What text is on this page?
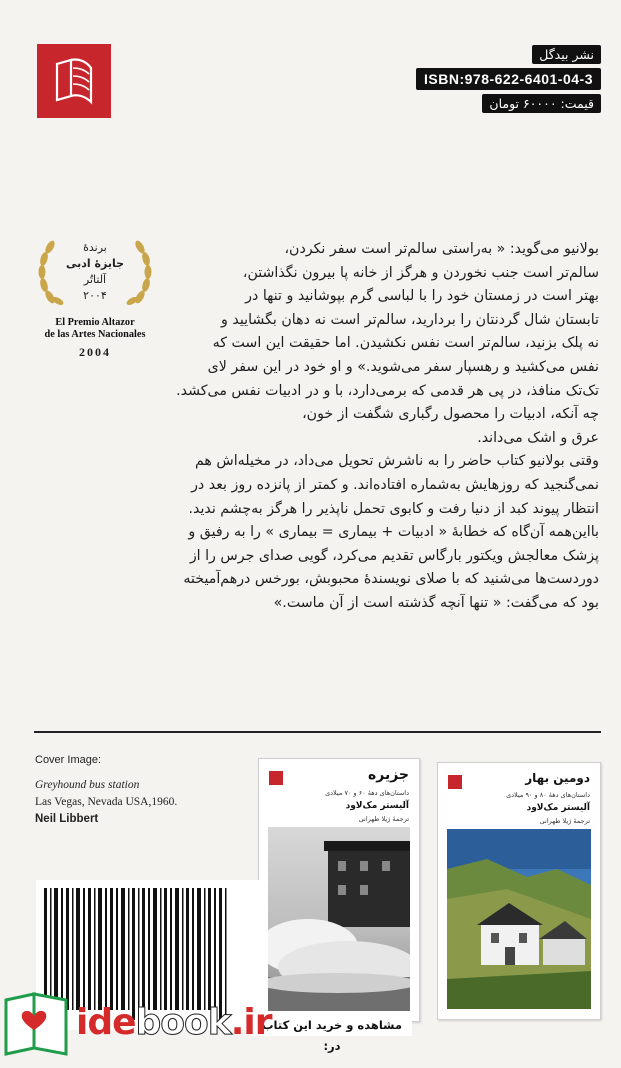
نشر بیدگل
ISBN:978-622-6401-04-3
قیمت: ۶۰۰۰۰ تومان
برندۀ
جایزۀ ادبی
آلتاتُر
۲۰۰۴
El Premio Altazor
de las Artes Nacionales
2004
بولانیو می‌گوید: « به‌راستی سالم‌تر است سفر نکردن،
سالم‌تر است جنب نخوردن و هرگز از خانه پا بیرون نگذاشتن،
بهتر است در زمستان خود را با لباسی گرم بپوشانید و تنها در
تابستان شال گردنتان را بردارید، سالم‌تر است نه دهان بگشایید و
نه پلک بزنید، سالم‌تر است نفس نکشیدن. اما حقیقت این است که
نفس می‌کشید و رهسپار سفر می‌شوید.» و او خود در این سفر لای
تک‌تک منافذ، در پی هر قدمی که برمی‌دارد، با و در ادبیات نفس می‌کشد.
چه آنکه، ادبیات را محصول رگباری شگفت از خون،
عرق و اشک می‌داند.
وقتی بولانیو کتاب حاضر را به ناشرش تحویل می‌داد، در مخیله‌اش هم
نمی‌گنجید که روزهایش به‌شماره افتاده‌اند. و کمتر از پانزده روز بعد در
انتظار پیوند کبد از دنیا رفت و کابوی تحمل ناپذیر را هرگز به‌چشم ندید.
بااین‌همه آن‌گاه که خطابهٔ « ادبیات + بیماری = بیماری » را به رفیق و
پزشک معالجش ویکتور بارگاس تقدیم می‌کرد، گویی صدای جرس را از
دوردست‌ها می‌شنید که با صلای نویسندهٔ محبوبش، بورخس درهم‌آمیخته
بود که می‌گفت: « تنها آنچه گذشته است از آن ماست.»
Cover Image:
Greyhound bus station
Las Vegas, Nevada USA,1960.
Neil Libbert
جزیره
داستان‌های دهۀ ۶۰ و ۷۰ میلادی
آلیستر مک‌لاود
ترجمۀ ژیلا طهرانی
دومین بهار
داستان‌های دهۀ ۸۰ و ۹۰ میلادی
آلیستر مک‌لاود
ترجمۀ ژیلا طهرانی
مشاهده و خرید این کتاب در:
idebook.ir
